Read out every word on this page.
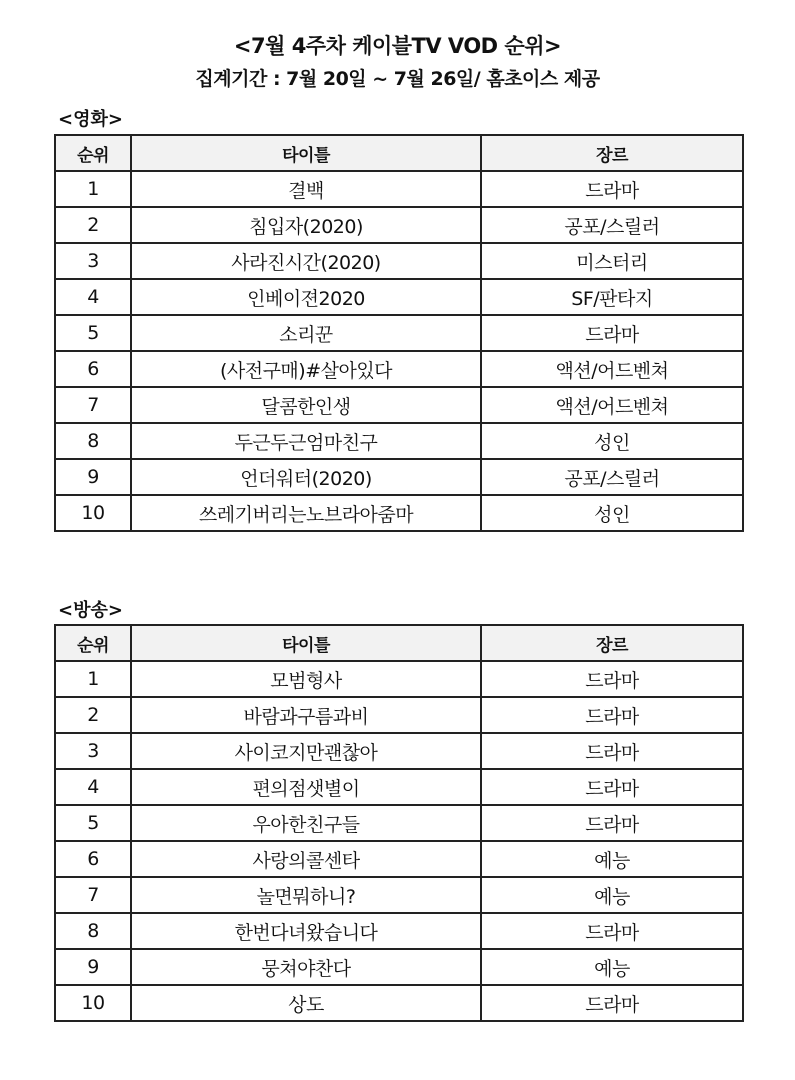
<7월 4주차 케이블TV VOD 순위>
집계기간 : 7월 20일 ~ 7월 26일/ 홈초이스 제공
<영화>
순위	타이틀	장르
1	결백	드라마
2	침입자(2020)	공포/스릴러
3	사라진시간(2020)	미스터리
4	인베이젼2020	SF/판타지
5	소리꾼	드라마
6	(사전구매)#살아있다	액션/어드벤쳐
7	달콤한인생	액션/어드벤쳐
8	두근두근엄마친구	성인
9	언더워터(2020)	공포/스릴러
10	쓰레기버리는노브라아줌마	성인
<방송>
순위	타이틀	장르
1	모범형사	드라마
2	바람과구름과비	드라마
3	사이코지만괜찮아	드라마
4	편의점샛별이	드라마
5	우아한친구들	드라마
6	사랑의콜센타	예능
7	놀면뭐하니?	예능
8	한번다녀왔습니다	드라마
9	뭉쳐야찬다	예능
10	상도	드라마
